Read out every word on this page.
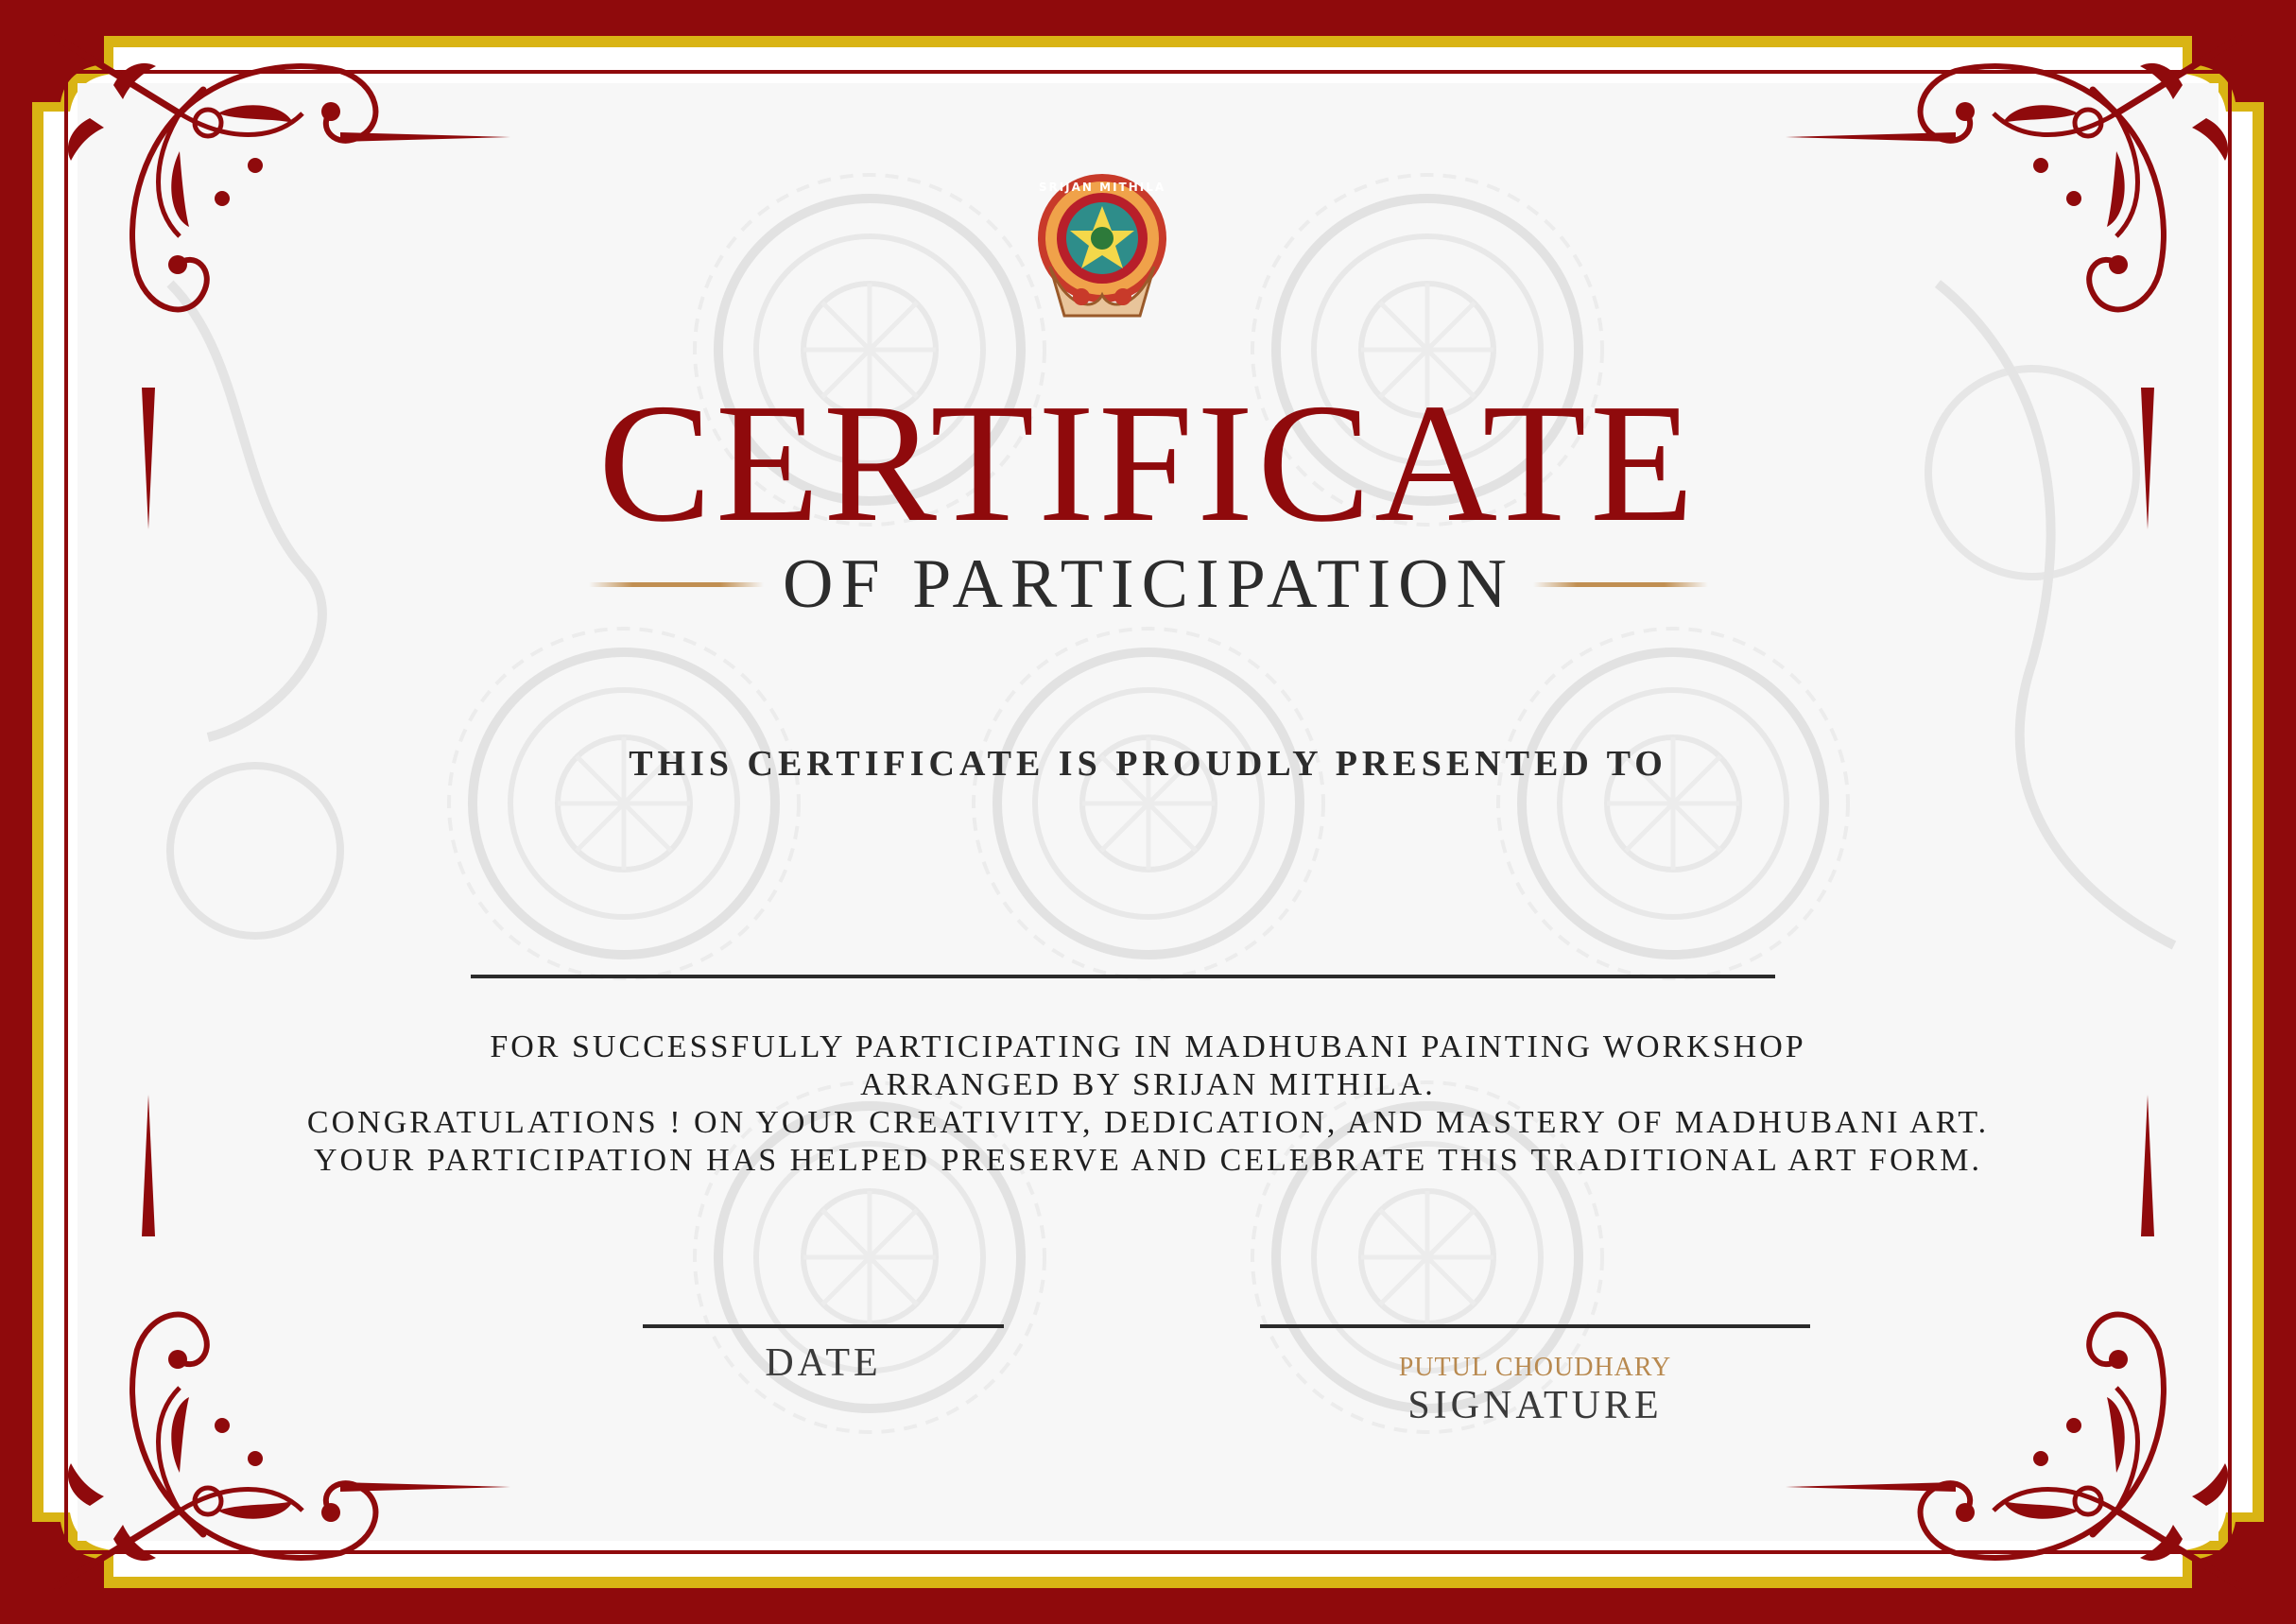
SRIJAN MITHILA
CERTIFICATE
OF PARTICIPATION
THIS CERTIFICATE IS PROUDLY PRESENTED TO
FOR SUCCESSFULLY PARTICIPATING IN MADHUBANI PAINTING WORKSHOP
ARRANGED BY SRIJAN MITHILA.
CONGRATULATIONS ! ON YOUR CREATIVITY, DEDICATION, AND MASTERY OF MADHUBANI ART.
YOUR PARTICIPATION HAS HELPED PRESERVE AND CELEBRATE THIS TRADITIONAL ART FORM.
DATE	PUTUL CHOUDHARY
SIGNATURE
